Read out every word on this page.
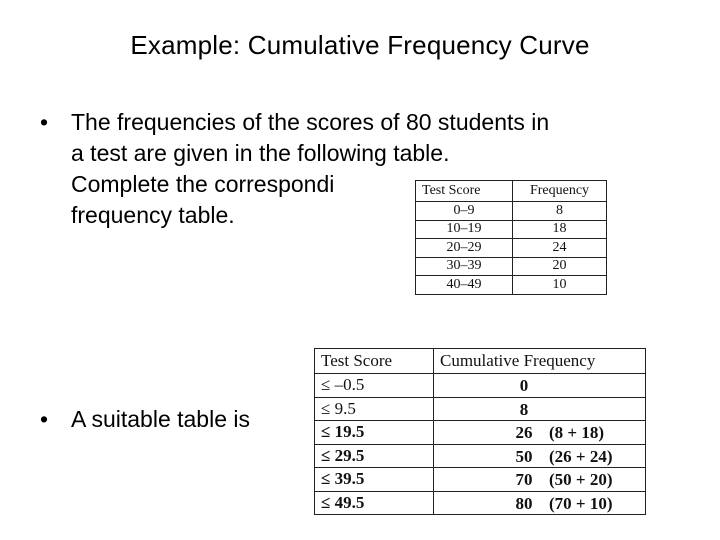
Example: Cumulative Frequency Curve
• The frequencies of the scores of 80 students in
a test are given in the following table.
Complete the correspondi
frequency table.
Test Score	Frequency
0–9	8
10–19	18
20–29	24
30–39	20
40–49	10
• A suitable table is
Test Score	Cumulative Frequency
≤ –0.5	0

≤ 9.5	8

≤ 19.5	26 (8 + 18)

≤ 29.5	50 (26 + 24)

≤ 39.5	70 (50 + 20)

≤ 49.5	80 (70 + 10)
